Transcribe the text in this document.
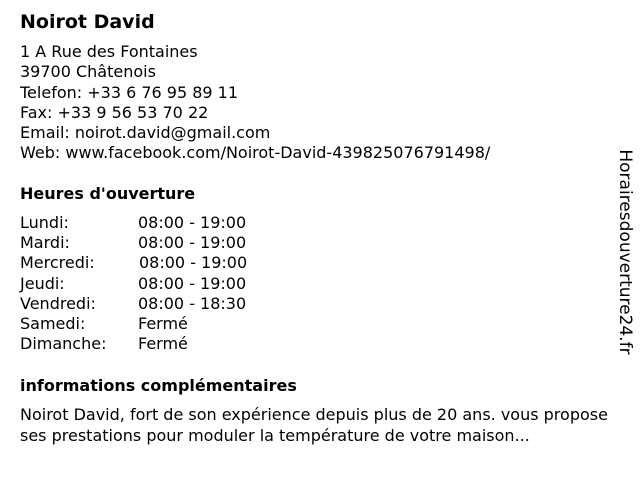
Noirot David
1 A Rue des Fontaines
39700 Châtenois
Telefon: +33 6 76 95 89 11
Fax: +33 9 56 53 70 22
Email: noirot.david@gmail.com
Web: www.facebook.com/Noirot-David-439825076791498/
Heures d'ouverture
Lundi:	08:00 - 19:00
Mardi:	08:00 - 19:00
Mercredi:	08:00 - 19:00
Jeudi:	08:00 - 19:00
Vendredi:	08:00 - 18:30
Samedi:	Fermé
Dimanche: Fermé
informations complémentaires
Noirot David, fort de son expérience depuis plus de 20 ans. vous propose ses prestations pour moduler la température de votre maison...
Horairesdouverture24.fr
